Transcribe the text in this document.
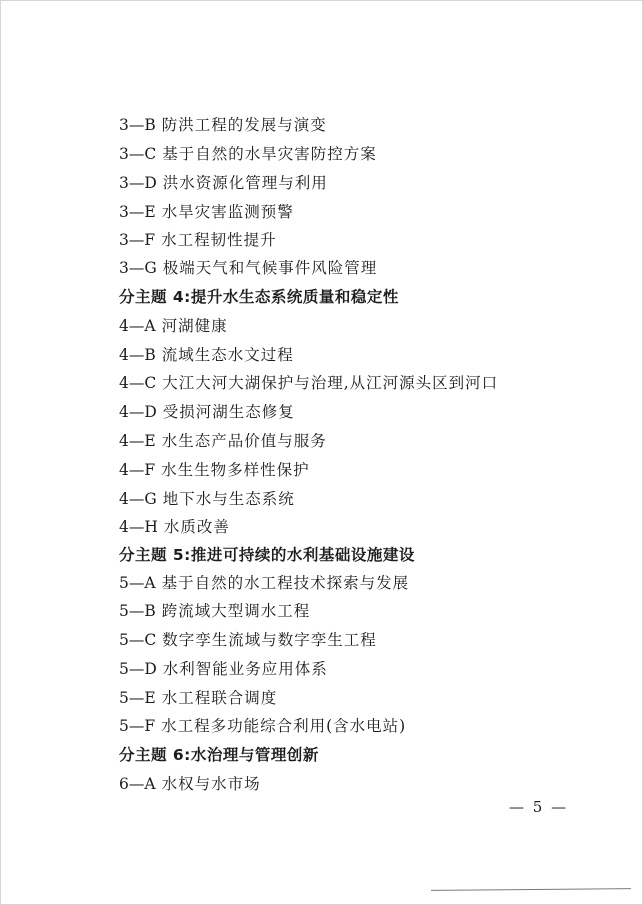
3—B 防洪工程的发展与演变
3—C 基于自然的水旱灾害防控方案
3—D 洪水资源化管理与利用
3—E 水旱灾害监测预警
3—F 水工程韧性提升
3—G 极端天气和气候事件风险管理
分主题 4:提升水生态系统质量和稳定性
4—A 河湖健康
4—B 流域生态水文过程
4—C 大江大河大湖保护与治理,从江河源头区到河口
4—D 受损河湖生态修复
4—E 水生态产品价值与服务
4—F 水生生物多样性保护
4—G 地下水与生态系统
4—H 水质改善
分主题 5:推进可持续的水利基础设施建设
5—A 基于自然的水工程技术探索与发展
5—B 跨流域大型调水工程
5—C 数字孪生流域与数字孪生工程
5—D 水利智能业务应用体系
5—E 水工程联合调度
5—F 水工程多功能综合利用(含水电站)
分主题 6:水治理与管理创新
6—A 水权与水市场
— 5 —
